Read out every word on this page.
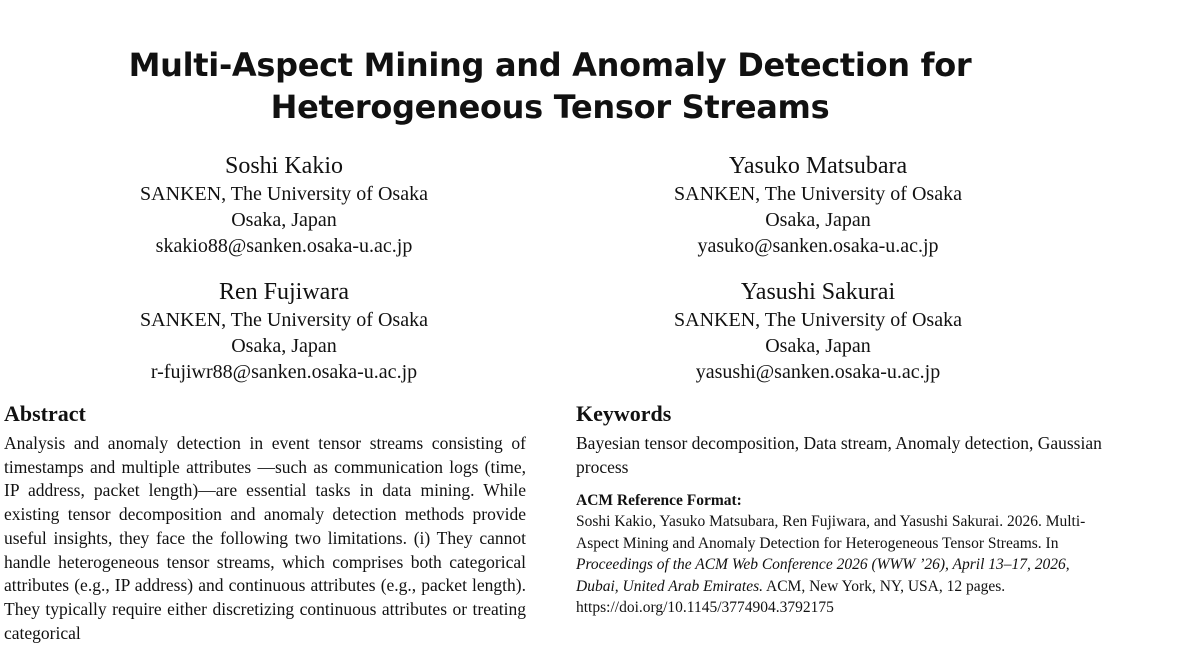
Multi-Aspect Mining and Anomaly Detection for
Heterogeneous Tensor Streams
Soshi Kakio
SANKEN, The University of Osaka
Osaka, Japan
skakio88@sanken.osaka-u.ac.jp
Yasuko Matsubara
SANKEN, The University of Osaka
Osaka, Japan
yasuko@sanken.osaka-u.ac.jp
Ren Fujiwara
SANKEN, The University of Osaka
Osaka, Japan
r-fujiwr88@sanken.osaka-u.ac.jp
Yasushi Sakurai
SANKEN, The University of Osaka
Osaka, Japan
yasushi@sanken.osaka-u.ac.jp
Abstract

Analysis and anomaly detection in event tensor streams consisting of timestamps and multiple attributes —such as communication logs (time, IP address, packet length)—are essential tasks in data mining. While existing tensor decomposition and anomaly detection methods provide useful insights, they face the following two limitations. (i) They cannot handle heterogeneous tensor streams, which comprises both categorical attributes (e.g., IP address) and continuous attributes (e.g., packet length). They typically require either discretizing continuous attributes or treating categorical

Keywords

Bayesian tensor decomposition, Data stream, Anomaly detection, Gaussian process

ACM Reference Format:

Soshi Kakio, Yasuko Matsubara, Ren Fujiwara, and Yasushi Sakurai. 2026. Multi-Aspect Mining and Anomaly Detection for Heterogeneous Tensor Streams. In Proceedings of the ACM Web Conference 2026 (WWW ’26), April 13–17, 2026, Dubai, United Arab Emirates. ACM, New York, NY, USA, 12 pages. https://doi.org/10.1145/3774904.3792175
